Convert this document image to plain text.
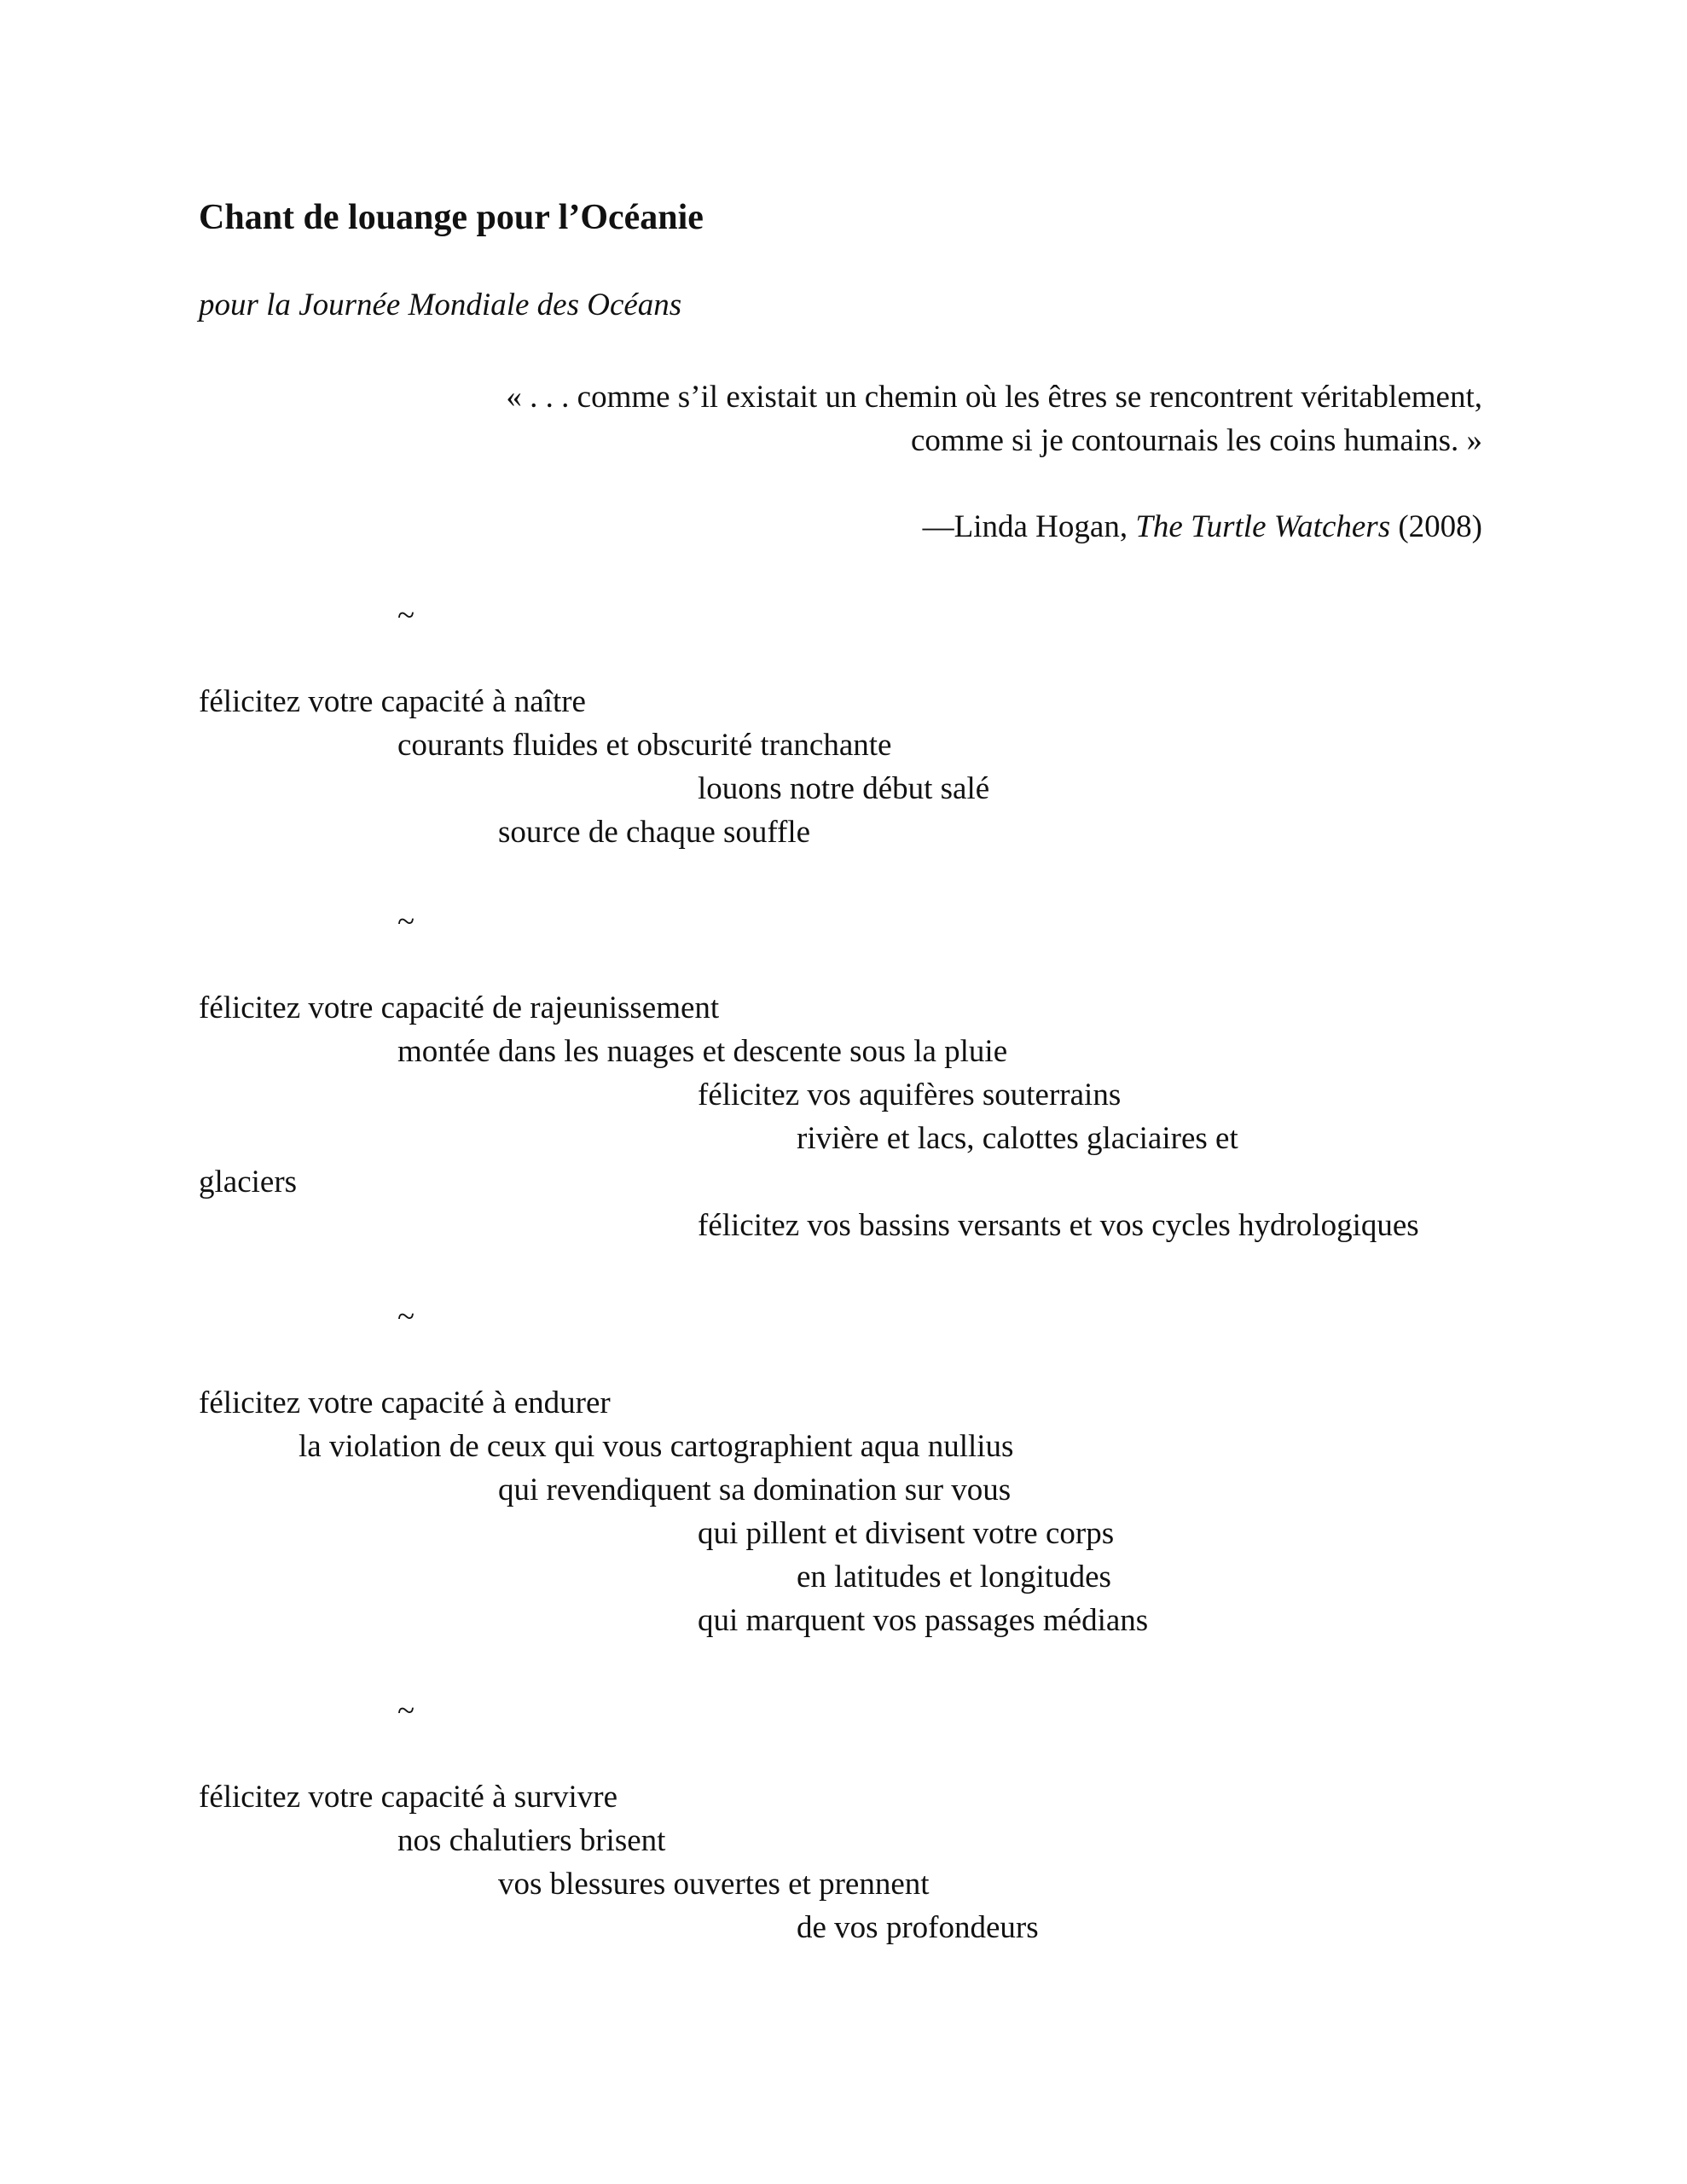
Chant de louange pour l’Océanie
pour la Journée Mondiale des Océans
« . . . comme s’il existait un chemin où les êtres se rencontrent véritablement,
comme si je contournais les coins humains. »
—Linda Hogan, The Turtle Watchers (2008)
~
félicitez votre capacité à naître
courants fluides et obscurité tranchante
louons notre début salé
source de chaque souffle
~
félicitez votre capacité de rajeunissement
montée dans les nuages et descente sous la pluie
félicitez vos aquifères souterrains
rivière et lacs, calottes glaciaires et
glaciers
félicitez vos bassins versants et vos cycles hydrologiques
~
félicitez votre capacité à endurer
la violation de ceux qui vous cartographient aqua nullius
qui revendiquent sa domination sur vous
qui pillent et divisent votre corps
en latitudes et longitudes
qui marquent vos passages médians
~
félicitez votre capacité à survivre
nos chalutiers brisent
vos blessures ouvertes et prennent
de vos profondeurs
